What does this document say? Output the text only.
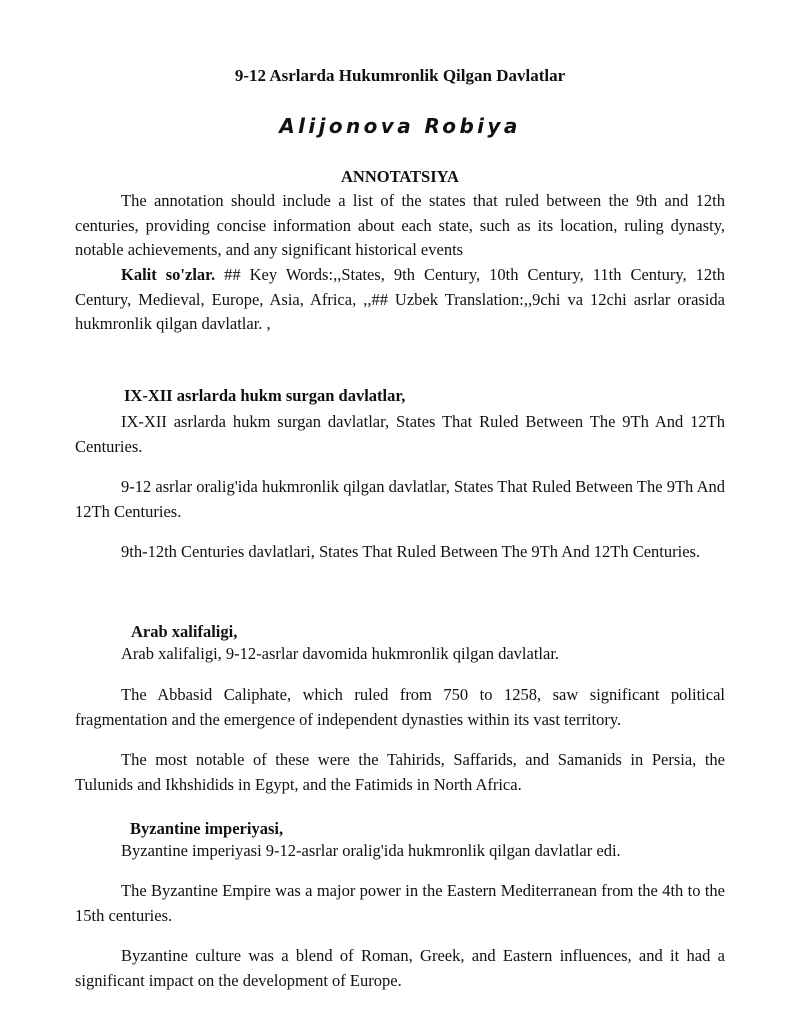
9-12 Asrlarda Hukumronlik Qilgan Davlatlar
Alijonova Robiya
ANNOTATSIYA

The annotation should include a list of the states that ruled between the 9th and 12th centuries, providing concise information about each state, such as its location, ruling dynasty, notable achievements, and any significant historical events

Kalit so'zlar. ## Key Words:,,States, 9th Century, 10th Century, 11th Century, 12th Century, Medieval, Europe, Asia, Africa, ,,## Uzbek Translation:,,9chi va 12chi asrlar orasida hukmronlik qilgan davlatlar. ,

IX-XII asrlarda hukm surgan davlatlar,

IX-XII asrlarda hukm surgan davlatlar, States That Ruled Between The 9Th And 12Th Centuries.

9-12 asrlar oralig'ida hukmronlik qilgan davlatlar, States That Ruled Between The 9Th And 12Th Centuries.

9th-12th Centuries davlatlari, States That Ruled Between The 9Th And 12Th Centuries.

Arab xalifaligi,

Arab xalifaligi, 9-12-asrlar davomida hukmronlik qilgan davlatlar.

The Abbasid Caliphate, which ruled from 750 to 1258, saw significant political fragmentation and the emergence of independent dynasties within its vast territory.

The most notable of these were the Tahirids, Saffarids, and Samanids in Persia, the Tulunids and Ikhshidids in Egypt, and the Fatimids in North Africa.

Byzantine imperiyasi,

Byzantine imperiyasi 9-12-asrlar oralig'ida hukmronlik qilgan davlatlar edi.

The Byzantine Empire was a major power in the Eastern Mediterranean from the 4th to the 15th centuries.

Byzantine culture was a blend of Roman, Greek, and Eastern influences, and it had a significant impact on the development of Europe.
